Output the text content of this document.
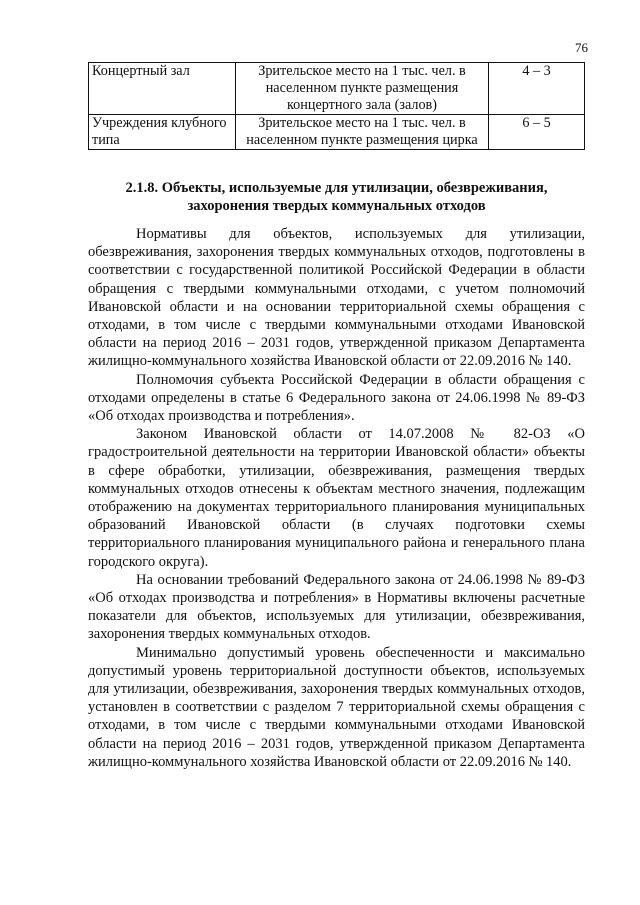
76
Концертный зал	Зрительское место на 1 тыс. чел. в населенном пункте размещения концертного зала (залов)	4 – 3
Учреждения клубного типа	Зрительское место на 1 тыс. чел. в населенном пункте размещения цирка	6 – 5
2.1.8. Объекты, используемые для утилизации, обезвреживания, захоронения твердых коммунальных отходов

Нормативы для объектов, используемых для утилизации, обезвреживания, захоронения твердых коммунальных отходов, подготовлены в соответствии с государственной политикой Российской Федерации в области обращения с твердыми коммунальными отходами, с учетом полномочий Ивановской области и на основании территориальной схемы обращения с отходами, в том числе с твердыми коммунальными отходами Ивановской области на период 2016 – 2031 годов, утвержденной приказом Департамента жилищно-коммунального хозяйства Ивановской области от 22.09.2016 № 140.

Полномочия субъекта Российской Федерации в области обращения с отходами определены в статье 6 Федерального закона от 24.06.1998 № 89-ФЗ «Об отходах производства и потребления».

Законом Ивановской области от 14.07.2008 № 82-ОЗ «О градостроительной деятельности на территории Ивановской области» объекты в сфере обработки, утилизации, обезвреживания, размещения твердых коммунальных отходов отнесены к объектам местного значения, подлежащим отображению на документах территориального планирования муниципальных образований Ивановской области (в случаях подготовки схемы территориального планирования муниципального района и генерального плана городского округа).

На основании требований Федерального закона от 24.06.1998 № 89-ФЗ «Об отходах производства и потребления» в Нормативы включены расчетные показатели для объектов, используемых для утилизации, обезвреживания, захоронения твердых коммунальных отходов.

Минимально допустимый уровень обеспеченности и максимально допустимый уровень территориальной доступности объектов, используемых для утилизации, обезвреживания, захоронения твердых коммунальных отходов, установлен в соответствии с разделом 7 территориальной схемы обращения с отходами, в том числе с твердыми коммунальными отходами Ивановской области на период 2016 – 2031 годов, утвержденной приказом Департамента жилищно-коммунального хозяйства Ивановской области от 22.09.2016 № 140.
